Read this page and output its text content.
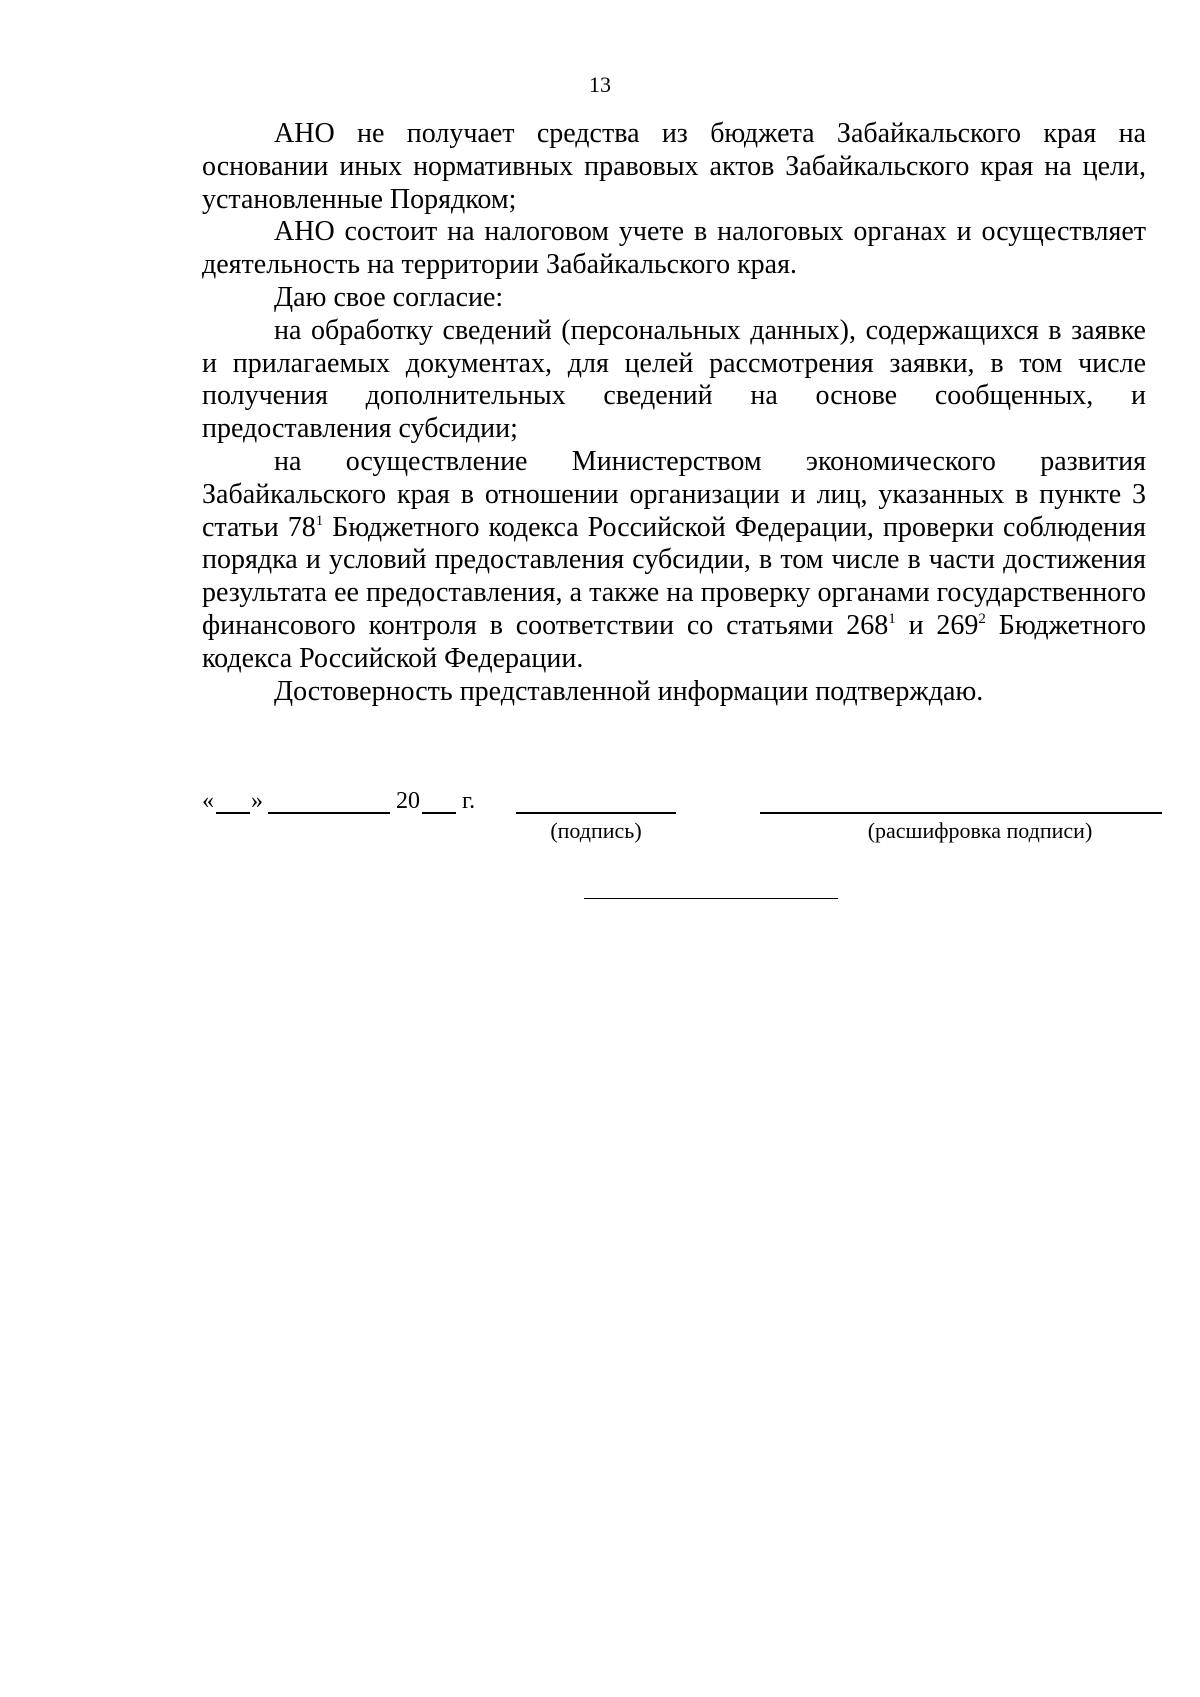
13

АНО не получает средства из бюджета Забайкальского края на основании иных нормативных правовых актов Забайкальского края на цели, установленные Порядком;

АНО состоит на налоговом учете в налоговых органах и осуществляет деятельность на территории Забайкальского края.

Даю свое согласие:

на обработку сведений (персональных данных), содержащихся в заявке и прилагаемых документах, для целей рассмотрения заявки, в том числе получения дополнительных сведений на основе сообщенных, и предоставления субсидии;

на осуществление Министерством экономического развития Забайкальского края в отношении организации и лиц, указанных в пункте 3 статьи $78^1$ Бюджетного кодекса Российской Федерации, проверки соблюдения порядка и условий предоставления субсидии, в том числе в части достижения результата ее предоставления, а также на проверку органами государственного финансового контроля в соответствии со статьями $268^1$ и $269^2$ Бюджетного кодекса Российской Федерации.

Достоверность представленной информации подтверждаю.

« »	20 г.
(подпись)	(расшифровка подписи)
